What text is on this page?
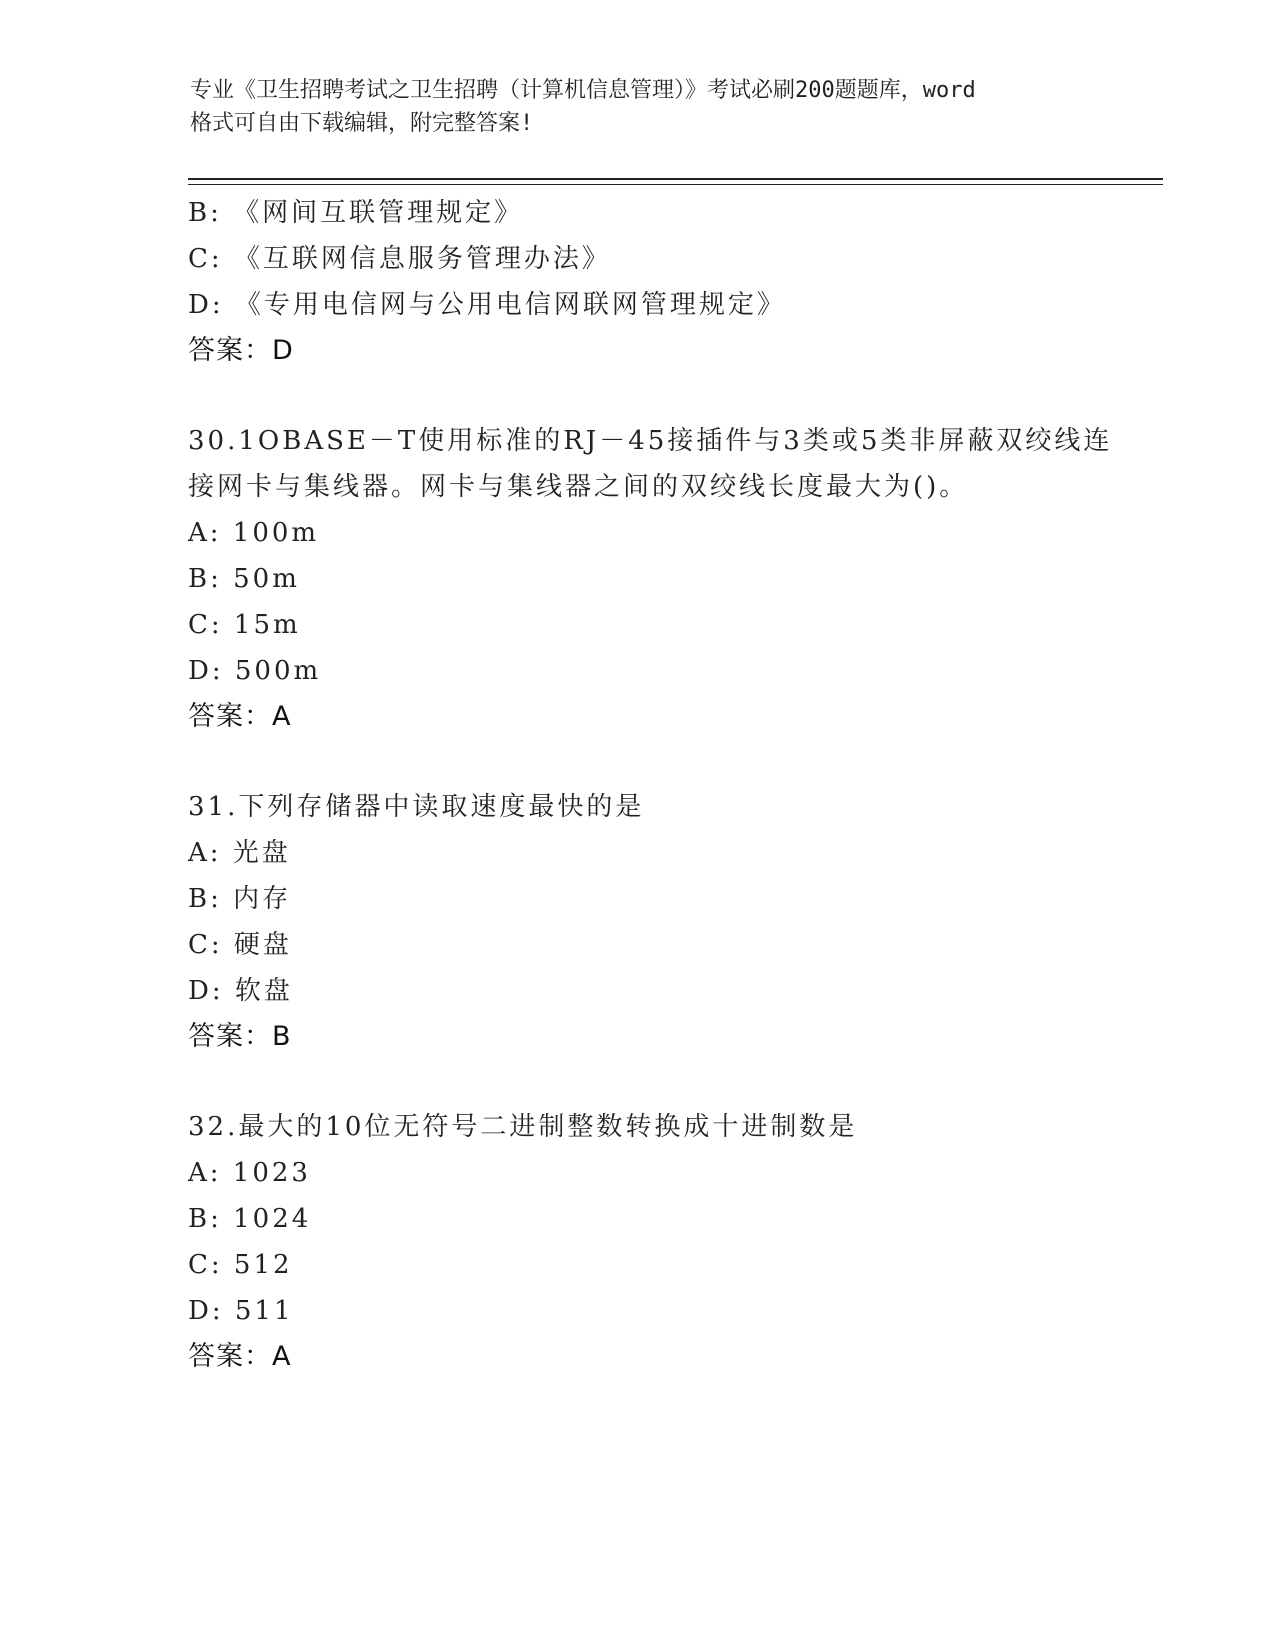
专业《卫生招聘考试之卫生招聘（计算机信息管理）》考试必刷200题题库，word
格式可自由下载编辑，附完整答案!
B: 《网间互联管理规定》
C: 《互联网信息服务管理办法》
D: 《专用电信网与公用电信网联网管理规定》
答案：D
30.1OBASE－T使用标准的RJ－45接插件与3类或5类非屏蔽双绞线连
接网卡与集线器。网卡与集线器之间的双绞线长度最大为()。
A: 100m
B: 50m
C: 15m
D: 500m
答案：A
31.下列存储器中读取速度最快的是
A: 光盘
B: 内存
C: 硬盘
D: 软盘
答案：B
32.最大的10位无符号二进制整数转换成十进制数是
A: 1023
B: 1024
C: 512
D: 511
答案：A
